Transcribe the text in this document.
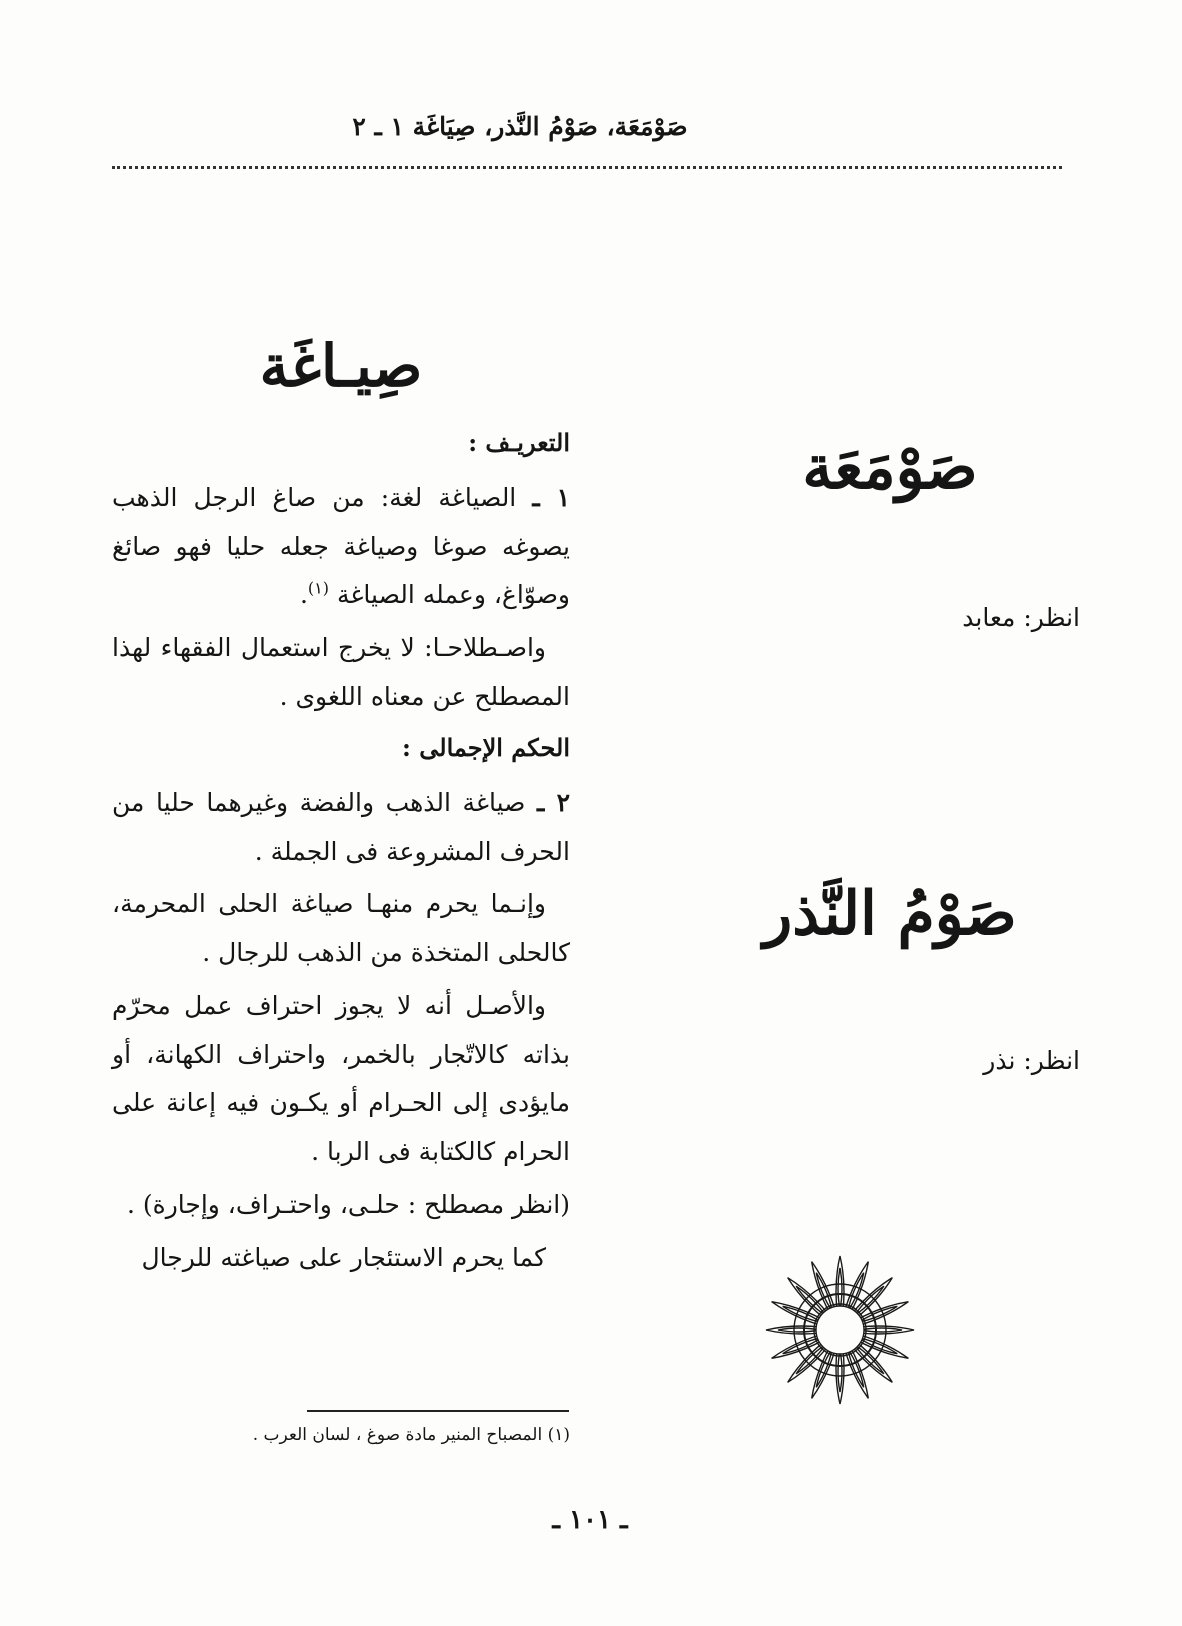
صَوْمَعَة، صَوْمُ النَّذر، صِيَاغَة ١ ـ ٢
صِيـاغَة
التعريـف :

١ ـ الصياغة لغة: من صاغ الرجل الذهب يصوغه صوغا وصياغة جعله حليا فهو صائغ وصوّاغ، وعمله الصياغة $^{(١)}$.

واصـطلاحـا: لا يخرج استعمال الفقهاء لهذا المصطلح عن معناه اللغوى .

الحكم الإجمالى :

٢ ـ صياغة الذهب والفضة وغيرهما حليا من الحرف المشروعة فى الجملة .

وإنـما يحرم منهـا صياغة الحلى المحرمة، كالحلى المتخذة من الذهب للرجال .

والأصـل أنه لا يجوز احتراف عمل محرّم بذاته كالاتّجار بالخمر، واحتراف الكهانة، أو مايؤدى إلى الحـرام أو يكـون فيه إعانة على الحرام كالكتابة فى الربا .

(انظر مصطلح : حلـى، واحتـراف، وإجارة) .

كما يحرم الاستئجار على صياغته للرجال

(١) المصباح المنير مادة صوغ ، لسان العرب .
صَوْمَعَة
انظر: معابد
صَوْمُ النَّذر
انظر: نذر
ـ ١٠١ ـ
